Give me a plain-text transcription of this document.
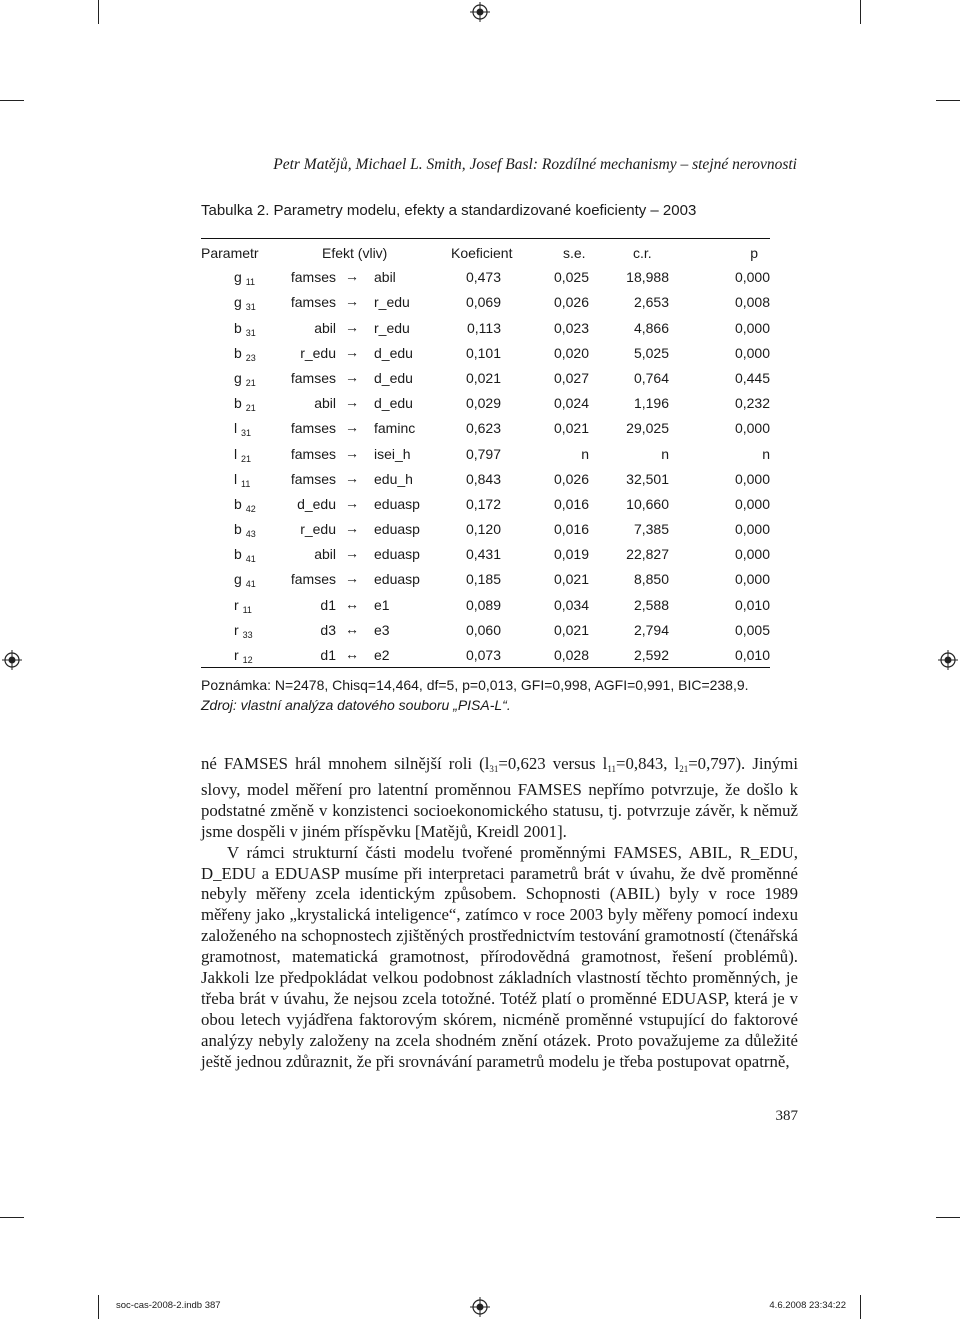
Petr Matějů, Michael L. Smith, Josef Basl: Rozdílné mechanismy – stejné nerovnosti
Tabulka 2. Parametry modelu, efekty a standardizované koeficienty – 2003
Parametr	Efekt (vliv)	Koeficient	s.e.	c.r.	p
g $_{11}$	famses → abil	0,473	0,025	18,988	0,000
g $_{31}$	famses → r_edu	0,069	0,026	2,653	0,008
b $_{31}$	abil → r_edu	0,113	0,023	4,866	0,000
b $_{23}$	r_edu → d_edu	0,101	0,020	5,025	0,000
g $_{21}$	famses → d_edu	0,021	0,027	0,764	0,445
b $_{21}$	abil → d_edu	0,029	0,024	1,196	0,232
l $_{31}$	famses → faminc	0,623	0,021	29,025	0,000
l $_{21}$	famses → isei_h	0,797	n	n	n
l $_{11}$	famses → edu_h	0,843	0,026	32,501	0,000
b $_{42}$	d_edu → eduasp	0,172	0,016	10,660	0,000
b $_{43}$	r_edu → eduasp	0,120	0,016	7,385	0,000
b $_{41}$	abil → eduasp	0,431	0,019	22,827	0,000
g $_{41}$	famses → eduasp	0,185	0,021	8,850	0,000
r $_{11}$	d1 ↔ e1	0,089	0,034	2,588	0,010
r $_{33}$	d3 ↔ e3	0,060	0,021	2,794	0,005
r $_{12}$	d1 ↔ e2	0,073	0,028	2,592	0,010
Poznámka: N=2478, Chisq=14,464, df=5, p=0,013, GFI=0,998, AGFI=0,991, BIC=238,9.
Zdroj: vlastní analýza datového souboru „PISA-L“.

né FAMSES hrál mnohem silnější roli ($l_{31}=0,623$ versus $l_{11}=0,843$, $l_{21}=0,797$). Jinými slovy, model měření pro latentní proměnnou FAMSES nepřímo potvrzuje, že došlo k podstatné změně v konzistenci socioekonomického statusu, tj. potvrzuje závěr, k němuž jsme dospěli v jiném příspěvku [Matějů, Kreidl 2001].

V rámci strukturní části modelu tvořené proměnnými FAMSES, ABIL, R_EDU, D_EDU a EDUASP musíme při interpretaci parametrů brát v úvahu, že dvě proměnné nebyly měřeny zcela identickým způsobem. Schopnosti (ABIL) byly v roce 1989 měřeny jako „krystalická inteligence“, zatímco v roce 2003 byly měřeny pomocí indexu založeného na schopnostech zjištěných prostřednictvím testování gramotností (čtenářská gramotnost, matematická gramotnost, přírodovědná gramotnost, řešení problémů). Jakkoli lze předpokládat velkou podobnost základních vlastností těchto proměnných, je třeba brát v úvahu, že nejsou zcela totožné. Totéž platí o proměnné EDUASP, která je v obou letech vyjádřena faktorovým skórem, nicméně proměnné vstupující do faktorové analýzy nebyly založeny na zcela shodném znění otázek. Proto považujeme za důležité ještě jednou zdůraznit, že při srovnávání parametrů modelu je třeba postupovat opatrně,

387
soc-cas-2008-2.indb 387	4.6.2008 23:34:22
